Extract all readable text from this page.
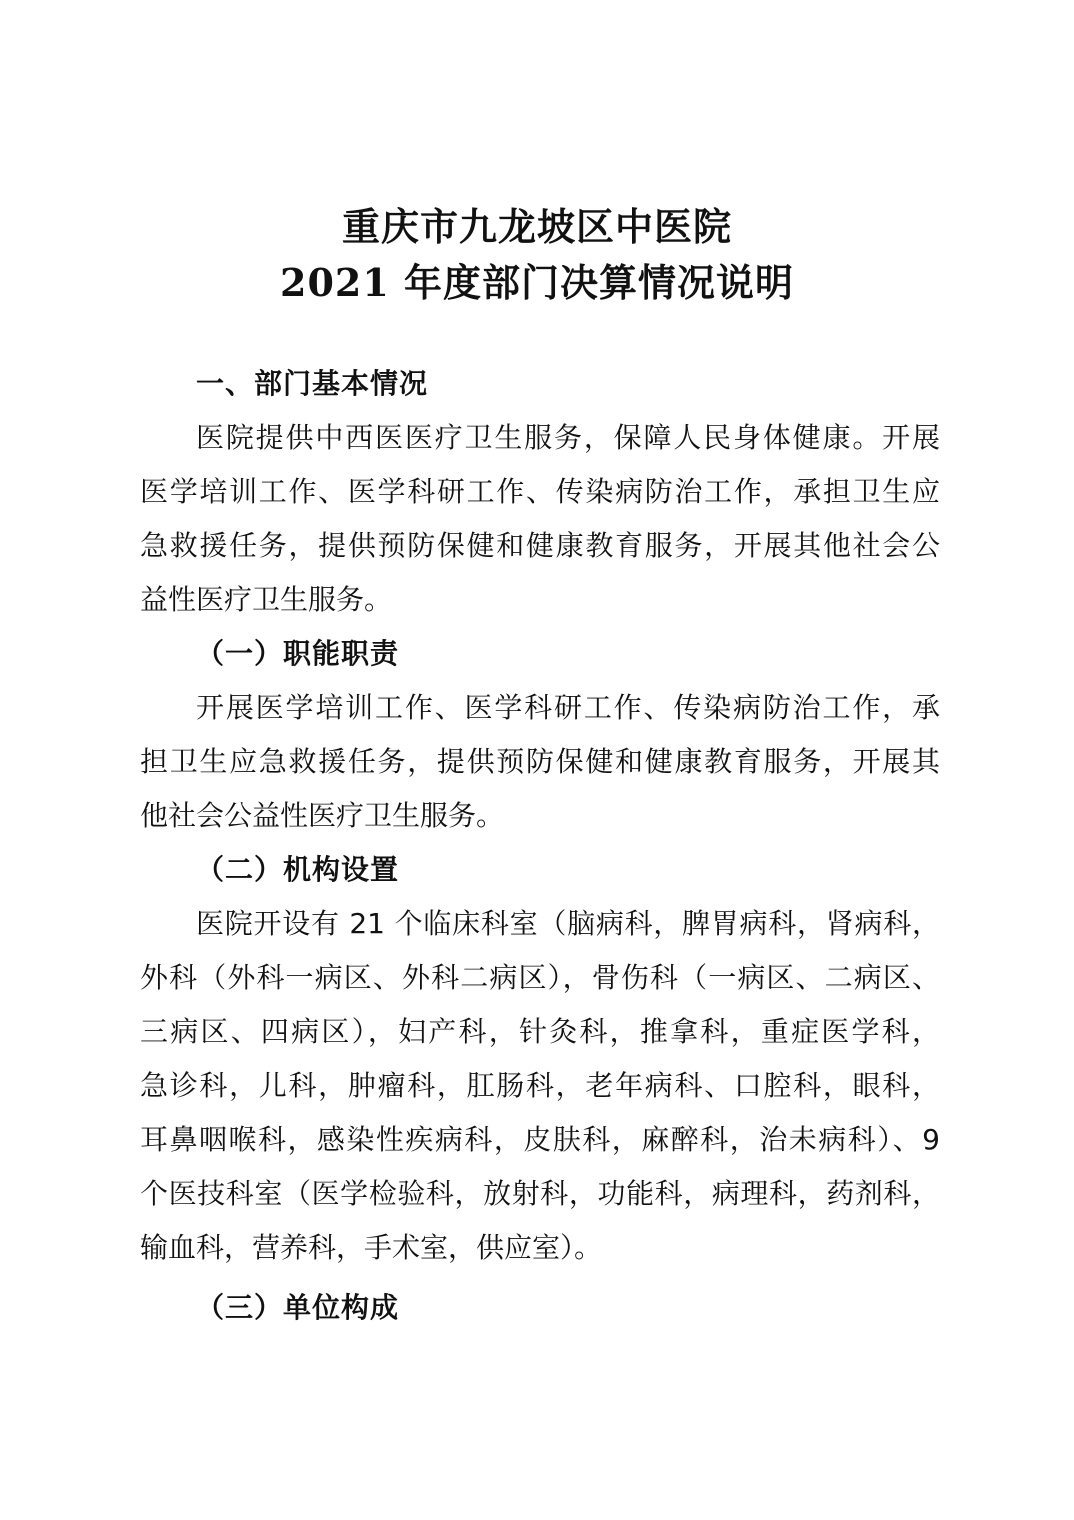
重庆市九龙坡区中医院
2021 年度部门决算情况说明
一、部门基本情况
医院提供中西医医疗卫生服务，保障人民身体健康。开展
医学培训工作、医学科研工作、传染病防治工作，承担卫生应
急救援任务，提供预防保健和健康教育服务，开展其他社会公
益性医疗卫生服务。
（一）职能职责
开展医学培训工作、医学科研工作、传染病防治工作，承
担卫生应急救援任务，提供预防保健和健康教育服务，开展其
他社会公益性医疗卫生服务。
（二）机构设置
医院开设有 21 个临床科室（脑病科，脾胃病科，肾病科，
外科（外科一病区、外科二病区），骨伤科（一病区、二病区、
三病区、四病区），妇产科，针灸科，推拿科，重症医学科，
急诊科，儿科，肿瘤科，肛肠科，老年病科、口腔科，眼科，
耳鼻咽喉科，感染性疾病科，皮肤科，麻醉科，治未病科）、9
个医技科室（医学检验科，放射科，功能科，病理科，药剂科，
输血科，营养科，手术室，供应室）。
（三）单位构成
